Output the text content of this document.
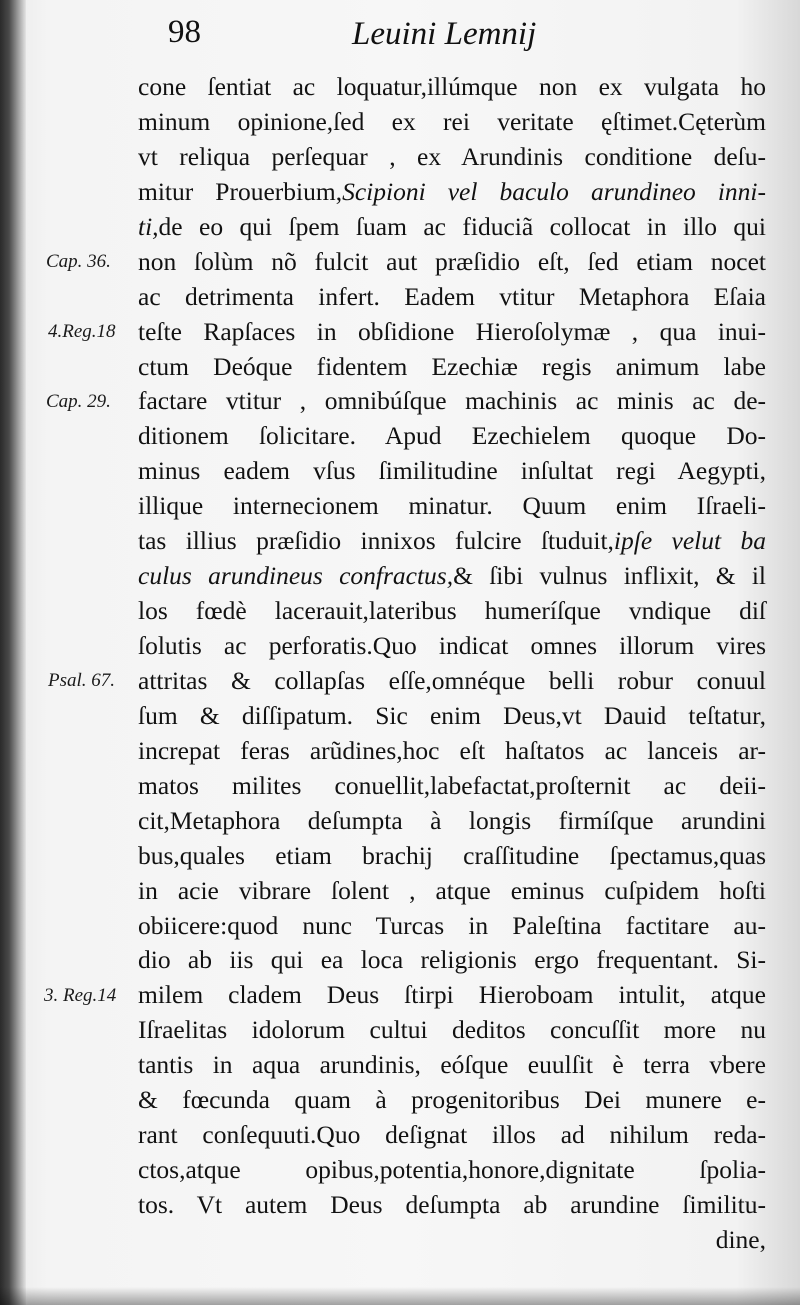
98	Leuini Lemnij
Cap. 36.
4.Reg.18
Cap. 29.
Psal. 67.
3. Reg.14
cone ſentiat ac loquatur,illúmque non ex vulgata ho
minum opinione,ſed ex rei veritate ęſtimet.Cęterùm
vt reliqua perſequar , ex Arundinis conditione deſu-
mitur Prouerbium,Scipioni vel baculo arundineo inni-
ti,de eo qui ſpem ſuam ac fiduciã collocat in illo qui
non ſolùm nõ fulcit aut præſidio eſt, ſed etiam nocet
ac detrimenta infert. Eadem vtitur Metaphora Eſaia
teſte Rapſaces in obſidione Hieroſolymæ , qua inui-
ctum Deóque fidentem Ezechiæ regis animum labe
factare vtitur , omnibúſque machinis ac minis ac de-
ditionem ſolicitare. Apud Ezechielem quoque Do-
minus eadem vſus ſimilitudine inſultat regi Aegypti,
illique internecionem minatur. Quum enim Iſraeli-
tas illius præſidio innixos fulcire ſtuduit,ipſe velut ba
culus arundineus confractus,& ſibi vulnus inflixit, & il
los fœdè lacerauit,lateribus humeríſque vndique diſ
ſolutis ac perforatis.Quo indicat omnes illorum vires
attritas & collapſas eſſe,omnéque belli robur conuul
ſum & diſſipatum. Sic enim Deus,vt Dauid teſtatur,
increpat feras arũdines,hoc eſt haſtatos ac lanceis ar-
matos milites conuellit,labefactat,proſternit ac deii-
cit,Metaphora deſumpta à longis firmíſque arundini
bus,quales etiam brachij craſſitudine ſpectamus,quas
in acie vibrare ſolent , atque eminus cuſpidem hoſti
obiicere:quod nunc Turcas in Paleſtina factitare au-
dio ab iis qui ea loca religionis ergo frequentant. Si-
milem cladem Deus ſtirpi Hieroboam intulit, atque
Iſraelitas idolorum cultui deditos concuſſit more nu
tantis in aqua arundinis, eóſque euulſit è terra vbere
& fœcunda quam à progenitoribus Dei munere e-
rant conſequuti.Quo deſignat illos ad nihilum reda-
ctos,atque opibus,potentia,honore,dignitate ſpolia-
tos. Vt autem Deus deſumpta ab arundine ſimilitu-
dine,
